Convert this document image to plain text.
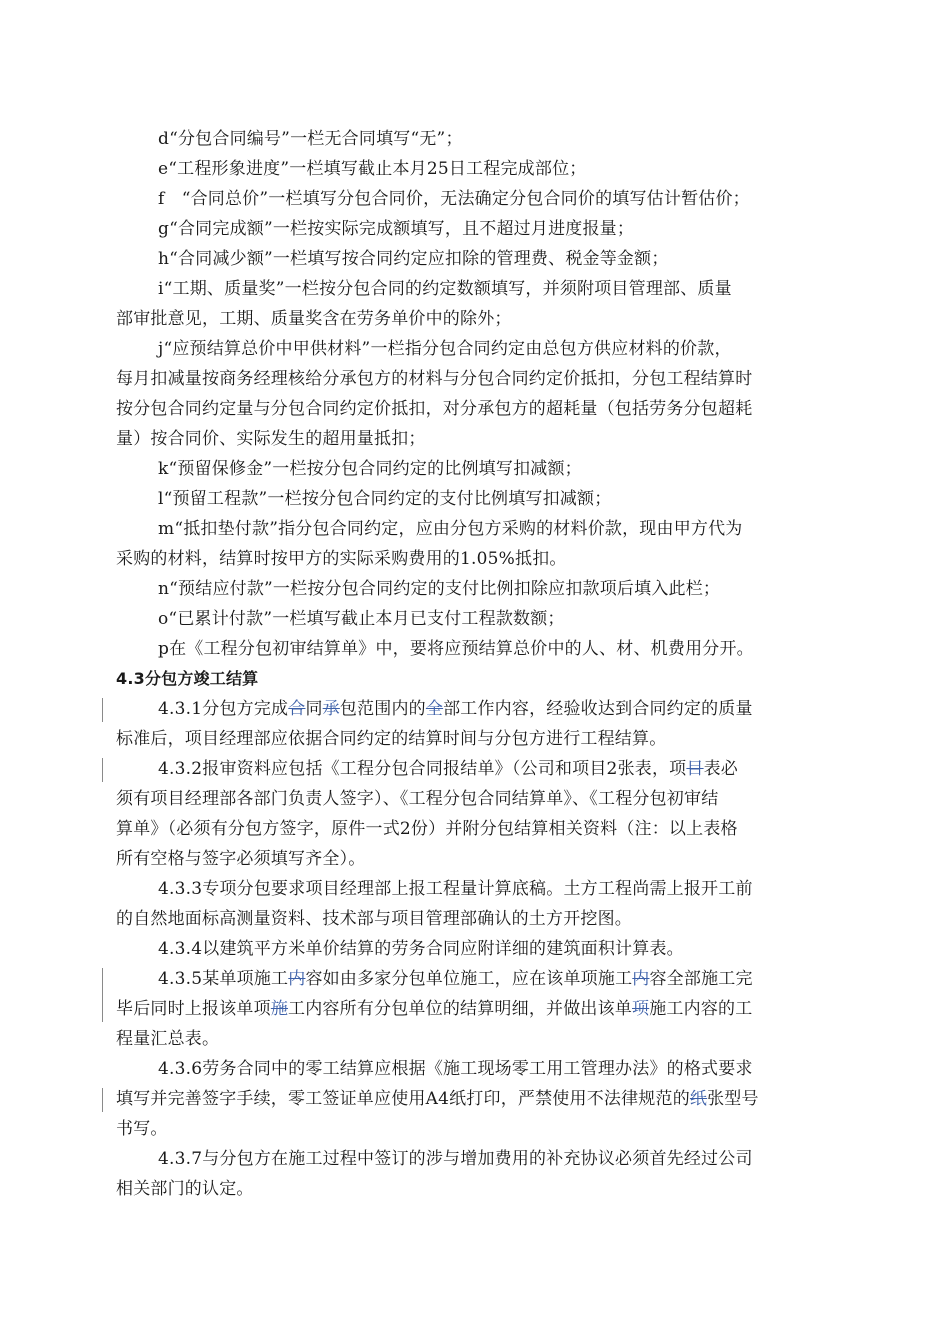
d“分包合同编号”一栏无合同填写“无”；
e“工程形象进度”一栏填写截止本月25日工程完成部位；
f　“合同总价”一栏填写分包合同价，无法确定分包合同价的填写估计暂估价；
g“合同完成额”一栏按实际完成额填写，且不超过月进度报量；
h“合同减少额”一栏填写按合同约定应扣除的管理费、税金等金额；
i“工期、质量奖”一栏按分包合同的约定数额填写，并须附项目管理部、质量
部审批意见，工期、质量奖含在劳务单价中的除外；
j“应预结算总价中甲供材料”一栏指分包合同约定由总包方供应材料的价款，
每月扣减量按商务经理核给分承包方的材料与分包合同约定价抵扣，分包工程结算时
按分包合同约定量与分包合同约定价抵扣，对分承包方的超耗量（包括劳务分包超耗
量）按合同价、实际发生的超用量抵扣；
k“预留保修金”一栏按分包合同约定的比例填写扣减额；
l“预留工程款”一栏按分包合同约定的支付比例填写扣减额；
m“抵扣垫付款”指分包合同约定，应由分包方采购的材料价款，现由甲方代为
采购的材料，结算时按甲方的实际采购费用的1.05%抵扣。
n“预结应付款”一栏按分包合同约定的支付比例扣除应扣款项后填入此栏；
o“已累计付款”一栏填写截止本月已支付工程款数额；
p在《工程分包初审结算单》中，要将应预结算总价中的人、材、机费用分开。
4.3分包方竣工结算
4.3.1分包方完成合同承包范围内的全部工作内容，经验收达到合同约定的质量
标准后，项目经理部应依据合同约定的结算时间与分包方进行工程结算。
4.3.2报审资料应包括《工程分包合同报结单》（公司和项目2张表，项目表必
须有项目经理部各部门负责人签字）、《工程分包合同结算单》、《工程分包初审结
算单》（必须有分包方签字，原件一式2份）并附分包结算相关资料（注：以上表格
所有空格与签字必须填写齐全）。
4.3.3专项分包要求项目经理部上报工程量计算底稿。土方工程尚需上报开工前
的自然地面标高测量资料、技术部与项目管理部确认的土方开挖图。
4.3.4以建筑平方米单价结算的劳务合同应附详细的建筑面积计算表。
4.3.5某单项施工内容如由多家分包单位施工，应在该单项施工内容全部施工完
毕后同时上报该单项施工内容所有分包单位的结算明细，并做出该单项施工内容的工
程量汇总表。
4.3.6劳务合同中的零工结算应根据《施工现场零工用工管理办法》的格式要求
填写并完善签字手续，零工签证单应使用A4纸打印，严禁使用不法律规范的纸张型号
书写。
4.3.7与分包方在施工过程中签订的涉与增加费用的补充协议必须首先经过公司
相关部门的认定。
